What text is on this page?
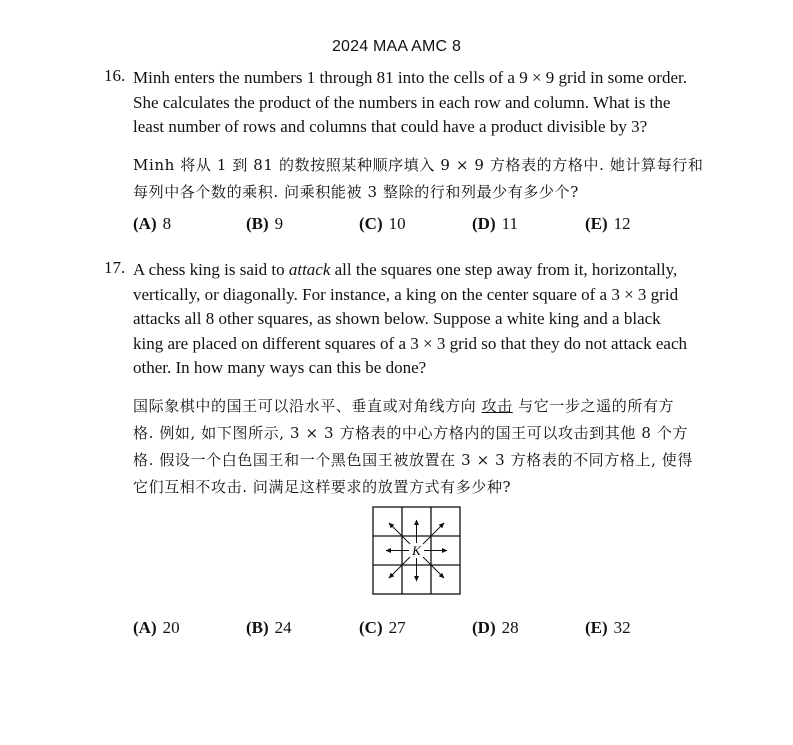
2024 MAA AMC 8
16. Minh enters the numbers 1 through 81 into the cells of a 9 × 9 grid in some order.
She calculates the product of the numbers in each row and column. What is the
least number of rows and columns that could have a product divisible by 3?
Minh 将从 1 到 81 的数按照某种顺序填入 9 × 9 方格表的方格中. 她计算每行和
每列中各个数的乘积. 问乘积能被 3 整除的行和列最少有多少个?
(A) 8	(B) 9	(C) 10	(D) 11	(E) 12
17. A chess king is said to attack all the squares one step away from it, horizontally,
vertically, or diagonally. For instance, a king on the center square of a 3 × 3 grid
attacks all 8 other squares, as shown below. Suppose a white king and a black
king are placed on different squares of a 3 × 3 grid so that they do not attack each
other. In how many ways can this be done?
国际象棋中的国王可以沿水平、垂直或对角线方向 攻击 与它一步之遥的所有方
格. 例如, 如下图所示, 3 × 3 方格表的中心方格内的国王可以攻击到其他 8 个方
格. 假设一个白色国王和一个黑色国王被放置在 3 × 3 方格表的不同方格上, 使得
它们互相不攻击. 问满足这样要求的放置方式有多少种?
K
(A) 20	(B) 24	(C) 27	(D) 28	(E) 32
